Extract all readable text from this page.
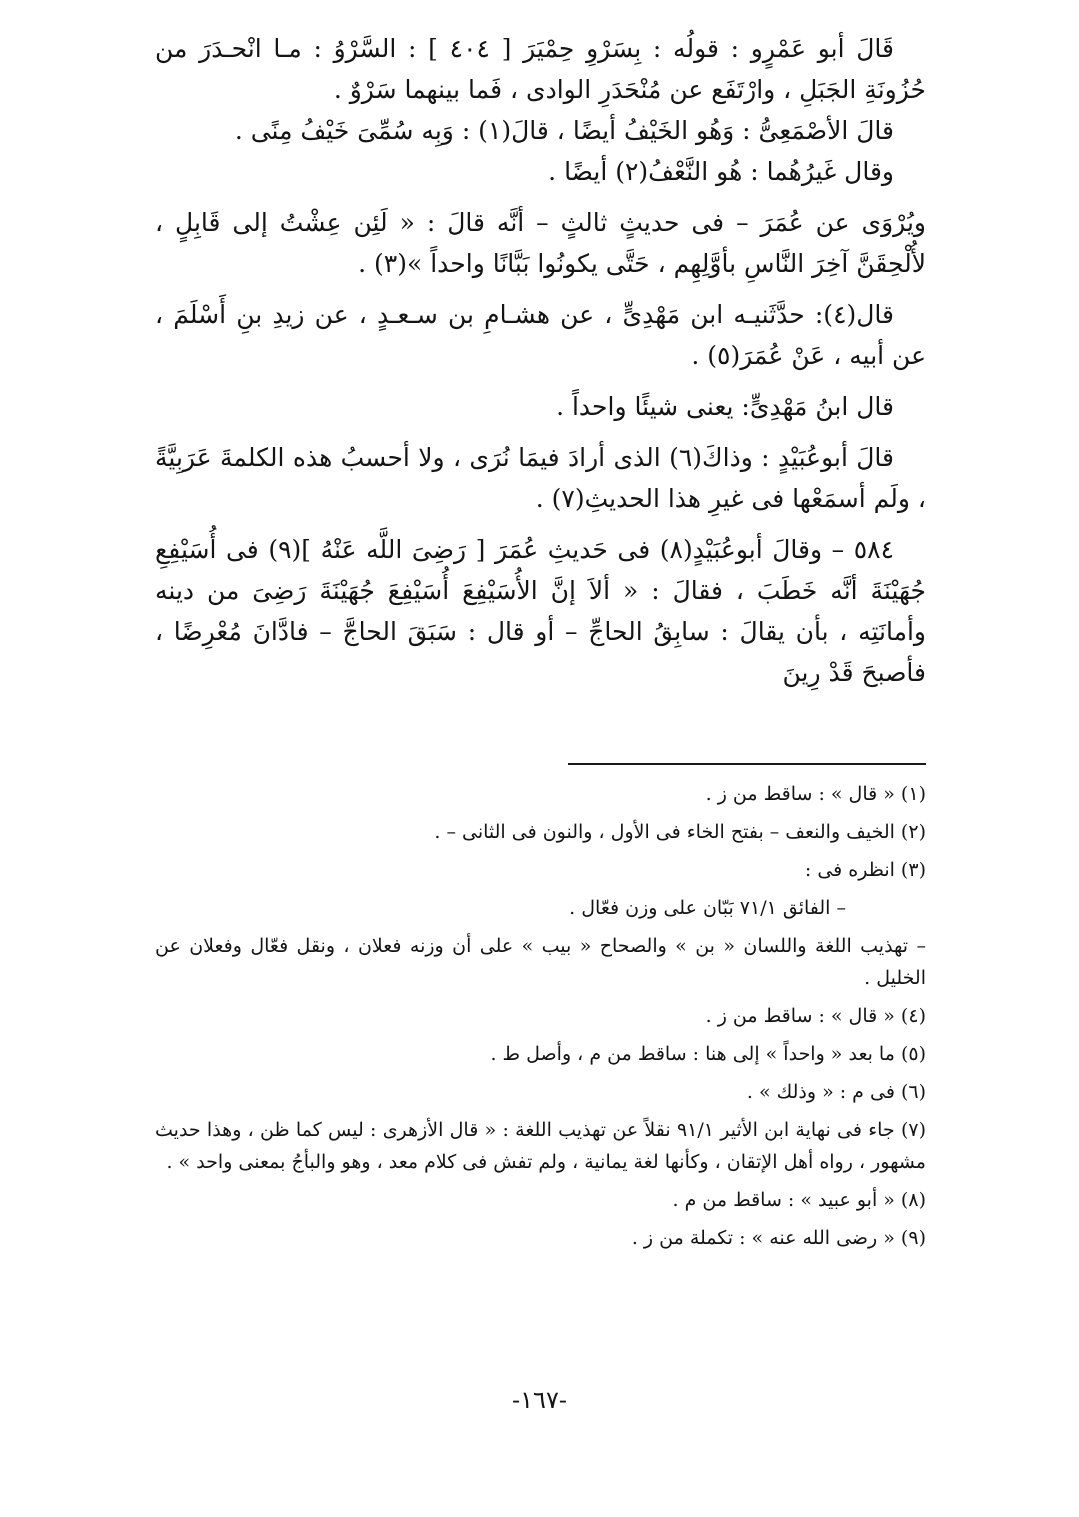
قَالَ أبو عَمْرٍو : قولُه : بِسَرْوِ حِمْيَرَ [ ٤٠٤ ] : السَّرْوُ : مـا انْحـدَرَ من حُزُونَةِ الجَبَلِ ، وارْتَفَع عن مُنْحَدَرِ الوادى ، فَما بينهما سَرْوٌ .

قالَ الأصْمَعِىُّ : وَهُو الخَيْفُ أيضًا ، قالَ(١) : وَبِه سُمِّىَ خَيْفُ مِنًى .

وقال غَيرُهُما : هُو النَّعْفُ(٢) أيضًا .

ويُرْوَى عن عُمَرَ – فى حديثٍ ثالثٍ – أنَّه قالَ : « لَئِن عِشْتُ إلى قَابِلٍ ، لأُلْحِقَنَّ آخِرَ النَّاسِ بأوَّلِهِم ، حَتَّى يكونُوا بَبَّانًا واحداً »(٣) .

قال(٤): حدَّثَنيـه ابن مَهْدِىٍّ ، عن هشـامِ بن سـعـدٍ ، عن زيدِ بنِ أَسْلَمَ ، عن أبيه ، عَنْ عُمَرَ(٥) .

قال ابنُ مَهْدِىٍّ: يعنى شيئًا واحداً .

قالَ أبوعُبَيْدٍ : وذاكَ(٦) الذى أرادَ فيمَا نُرَى ، ولا أحسبُ هذه الكلمةَ عَرَبِيَّةً ، ولَم أسمَعْها فى غيرِ هذا الحديثِ(٧) .

٥٨٤ – وقالَ أبوعُبَيْدٍ(٨) فى حَديثِ عُمَرَ [ رَضِىَ اللَّه عَنْهُ ](٩) فى أُسَيْفِعِ جُهَيْنَةَ أنَّه خَطَبَ ، فقالَ : « ألاَ إنَّ الأُسَيْفِعَ أُسَيْفِعَ جُهَيْنَةَ رَضِىَ من دينه وأمانَتِه ، بأن يقالَ : سابِقُ الحاجِّ – أو قال : سَبَقَ الحاجَّ – فادَّانَ مُعْرِضًا ، فأصبحَ قَدْ رِينَ

(١) « قال » : ساقط من ز .

(٢) الخيف والنعف – بفتح الخاء فى الأول ، والنون فى الثانى – .

(٣) انظره فى :

– الفائق ٧١/١ بَبّان على وزن فعّال .

– تهذيب اللغة واللسان « بن » والصحاح « بيب » على أن وزنه فعلان ، ونقل فعّال وفعلان عن الخليل .

(٤) « قال » : ساقط من ز .

(٥) ما بعد « واحداً » إلى هنا : ساقط من م ، وأصل ط .

(٦) فى م : « وذلك » .

(٧) جاء فى نهاية ابن الأثير ٩١/١ نقلاً عن تهذيب اللغة : « قال الأزهرى : ليس كما ظن ، وهذا حديث مشهور ، رواه أهل الإتقان ، وكأنها لغة يمانية ، ولم تفش فى كلام معد ، وهو والبأجُ بمعنى واحد » .

(٨) « أبو عبيد » : ساقط من م .

(٩) « رضى الله عنه » : تكملة من ز .

-١٦٧-
